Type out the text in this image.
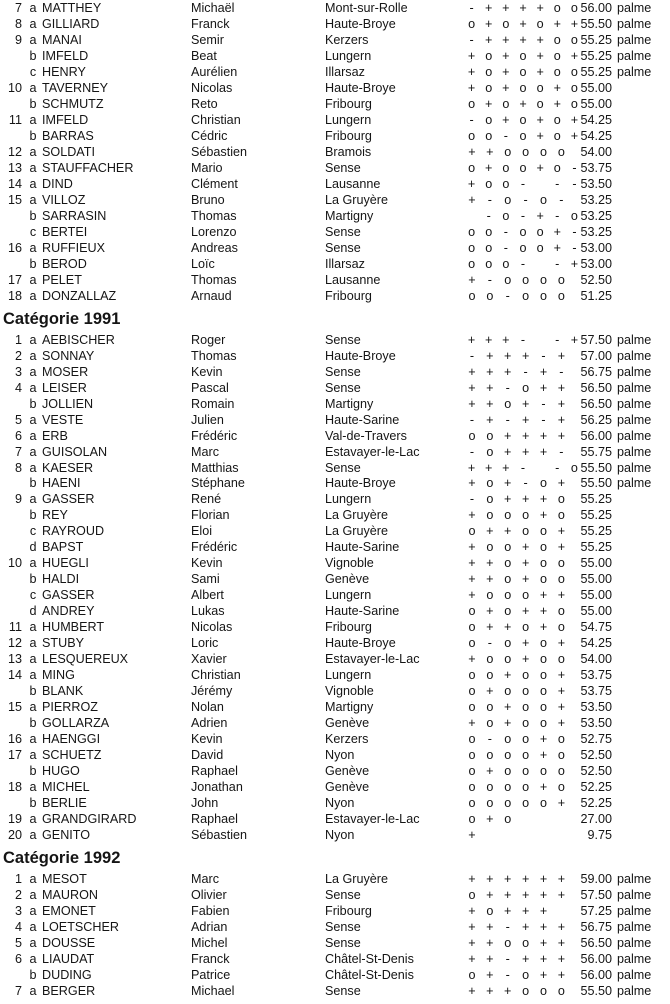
7 a MATTHEY	Michaël	Mont-sur-Rolle	- + + + + o o 56.00 palme
8 a GILLIARD	Franck	Haute-Broye	o + o + o + + 55.50 palme
9 a MANAI	Semir	Kerzers	- + + + + o o 55.25 palme
b IMFELD	Beat	Lungern	+ o + o + o + 55.25 palme
c HENRY	Aurélien	Illarsaz	+ o + o + o o 55.25 palme
10 a TAVERNEY	Nicolas	Haute-Broye	+ o + o o + o 55.00
b SCHMUTZ	Reto	Fribourg	o + o + o + o 55.00
11 a IMFELD	Christian	Lungern	- o + o + o + 54.25
b BARRAS	Cédric	Fribourg	o o - o + o + 54.25
12 a SOLDATI	Sébastien	Bramois	+ + o o o o	54.00
13 a STAUFFACHER	Mario	Sense	o + o o + o - 53.75
14 a DIND	Clément	Lausanne	+ o o -	-	- 53.50
15 a VILLOZ	Bruno	La Gruyère	+ - o - o -	53.25
b SARRASIN	Thomas	Martigny	- o - + - o 53.25
c BERTEI	Lorenzo	Sense	o o - o o + - 53.25
16 a RUFFIEUX	Andreas	Sense	o o - o o + - 53.00
b BEROD	Loïc	Illarsaz	o o o -	- + 53.00
17 a PELET	Thomas	Lausanne	+ - o o o o	52.50
18 a DONZALLAZ	Arnaud	Fribourg	o o - o o o	51.25
Catégorie 1991
1 a AEBISCHER	Roger	Sense	+ + + -	- + 57.50 palme
2 a SONNAY	Thomas	Haute-Broye	- + + + - +	57.00 palme
3 a MOSER	Kevin	Sense	+ + + - + -	56.75 palme
4 a LEISER	Pascal	Sense	+ + - o + +	56.50 palme
b JOLLIEN	Romain	Martigny	+ + o + - +	56.50 palme
5 a VESTE	Julien	Haute-Sarine	- + - + - +	56.25 palme
6 a ERB	Frédéric	Val-de-Travers	o o + + + +	56.00 palme
7 a GUISOLAN	Marc	Estavayer-le-Lac	- o + + + -	55.75 palme
8 a KAESER	Matthias	Sense	+ + + -	- o 55.50 palme
b HAENI	Stéphane	Haute-Broye	+ o + - o +	55.50 palme
9 a GASSER	René	Lungern	- o + + + o	55.25
b REY	Florian	La Gruyère	+ o o o + o	55.25
c RAYROUD	Eloi	La Gruyère	o + + o o +	55.25
d BAPST	Frédéric	Haute-Sarine	+ o o + o +	55.25
10 a HUEGLI	Kevin	Vignoble	+ + o + o o	55.00
b HALDI	Sami	Genève	+ + o + o o	55.00
c GASSER	Albert	Lungern	+ o o o + +	55.00
d ANDREY	Lukas	Haute-Sarine	o + o + + o	55.00
11 a HUMBERT	Nicolas	Fribourg	o + + o + o	54.75
12 a STUBY	Loric	Haute-Broye	o - o + o +	54.25
13 a LESQUEREUX	Xavier	Estavayer-le-Lac	+ o o + o o	54.00
14 a MING	Christian	Lungern	o o + o o +	53.75
b BLANK	Jérémy	Vignoble	o + o o o +	53.75
15 a PIERROZ	Nolan	Martigny	o o + o o +	53.50
b GOLLARZA	Adrien	Genève	+ o + o o +	53.50
16 a HAENGGI	Kevin	Kerzers	o - o o + o	52.75
17 a SCHUETZ	David	Nyon	o o o o + o	52.50
b HUGO	Raphael	Genève	o + o o o o	52.50
18 a MICHEL	Jonathan	Genève	o o o o + o	52.25
b BERLIE	John	Nyon	o o o o o +	52.25
19 a GRANDGIRARD	Raphael	Estavayer-le-Lac	o + o	27.00
20 a GENITO	Sébastien	Nyon	+	9.75
Catégorie 1992
1 a MESOT	Marc	La Gruyère	+ + + + + +	59.00 palme
2 a MAURON	Olivier	Sense	o + + + + +	57.50 palme
3 a EMONET	Fabien	Fribourg	+ o + + +	57.25 palme
4 a LOETSCHER	Adrian	Sense	+ + - + + +	56.75 palme
5 a DOUSSE	Michel	Sense	+ + o o + +	56.50 palme
6 a LIAUDAT	Franck	Châtel-St-Denis	+ + - + + +	56.00 palme
b DUDING	Patrice	Châtel-St-Denis	o + - o + +	56.00 palme
7 a BERGER	Michael	Sense	+ + + o o o	55.50 palme
